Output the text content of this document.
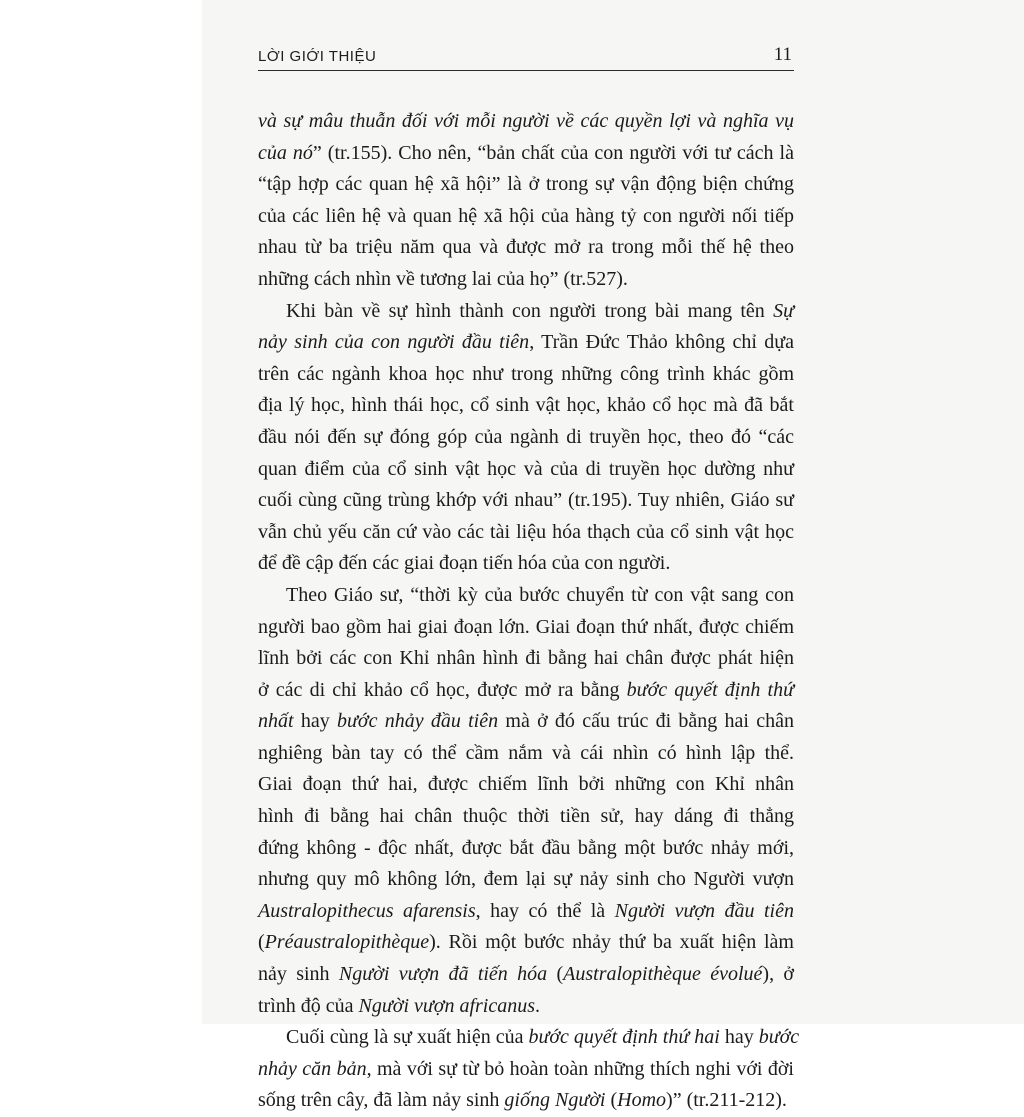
LỜI GIỚI THIỆU	11

và sự mâu thuẫn đối với mỗi người về các quyền lợi và nghĩa vụ
của nó” (tr.155). Cho nên, “bản chất của con người với tư cách là
“tập hợp các quan hệ xã hội” là ở trong sự vận động biện chứng
của các liên hệ và quan hệ xã hội của hàng tỷ con người nối tiếp
nhau từ ba triệu năm qua và được mở ra trong mỗi thế hệ theo
những cách nhìn về tương lai của họ” (tr.527).

Khi bàn về sự hình thành con người trong bài mang tên Sự
nảy sinh của con người đầu tiên, Trần Đức Thảo không chỉ dựa
trên các ngành khoa học như trong những công trình khác gồm
địa lý học, hình thái học, cổ sinh vật học, khảo cổ học mà đã bắt
đầu nói đến sự đóng góp của ngành di truyền học, theo đó “các
quan điểm của cổ sinh vật học và của di truyền học dường như
cuối cùng cũng trùng khớp với nhau” (tr.195). Tuy nhiên, Giáo sư
vẫn chủ yếu căn cứ vào các tài liệu hóa thạch của cổ sinh vật học
để đề cập đến các giai đoạn tiến hóa của con người.

Theo Giáo sư, “thời kỳ của bước chuyển từ con vật sang con
người bao gồm hai giai đoạn lớn. Giai đoạn thứ nhất, được chiếm
lĩnh bởi các con Khỉ nhân hình đi bằng hai chân được phát hiện
ở các di chỉ khảo cổ học, được mở ra bằng bước quyết định thứ
nhất hay bước nhảy đầu tiên mà ở đó cấu trúc đi bằng hai chân
nghiêng bàn tay có thể cầm nắm và cái nhìn có hình lập thể.
Giai đoạn thứ hai, được chiếm lĩnh bởi những con Khỉ nhân
hình đi bằng hai chân thuộc thời tiền sử, hay dáng đi thẳng
đứng không - độc nhất, được bắt đầu bằng một bước nhảy mới,
nhưng quy mô không lớn, đem lại sự nảy sinh cho Người vượn
Australopithecus afarensis, hay có thể là Người vượn đầu tiên
(Préaustralopithèque). Rồi một bước nhảy thứ ba xuất hiện làm
nảy sinh Người vượn đã tiến hóa (Australopithèque évolué), ở
trình độ của Người vượn africanus.

Cuối cùng là sự xuất hiện của bước quyết định thứ hai hay bước
nhảy căn bản, mà với sự từ bỏ hoàn toàn những thích nghi với đời
sống trên cây, đã làm nảy sinh giống Người (Homo)” (tr.211-212).
